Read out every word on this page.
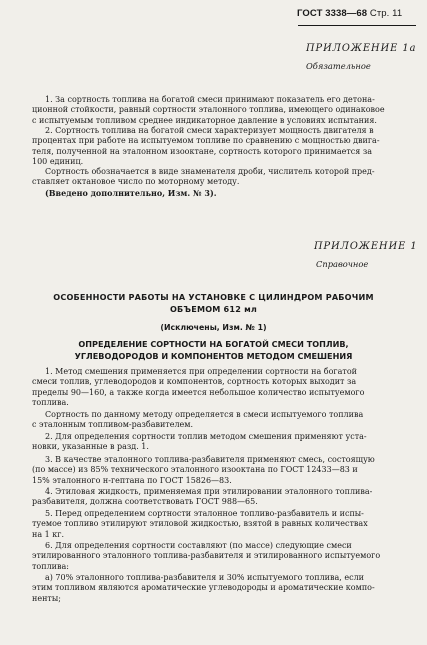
ГОСТ 3338—68 Стр. 11
ПРИЛОЖЕНИЕ 1а
Обязательное
1. За сортность топлива на богатой смеси принимают показатель его детона-
ционной стойкости, равный сортности эталонного топлива, имеющего одинаковое
с испытуемым топливом среднее индикаторное давление в условиях испытания.
2. Сортность топлива на богатой смеси характеризует мощность двигателя в
процентах при работе на испытуемом топливе по сравнению с мощностью двига-
теля, полученной на эталонном изооктане, сортность которого принимается за
100 единиц.
Сортность обозначается в виде знаменателя дроби, числитель которой пред-
ставляет октановое число по моторному методу.
(Введено дополнительно, Изм. № 3).
ПРИЛОЖЕНИЕ 1
Справочное
ОСОБЕННОСТИ РАБОТЫ НА УСТАНОВКЕ С ЦИЛИНДРОМ РАБОЧИМ
ОБЪЕМОМ 612 мл
(Исключены, Изм. № 1)
ОПРЕДЕЛЕНИЕ СОРТНОСТИ НА БОГАТОЙ СМЕСИ ТОПЛИВ,
УГЛЕВОДОРОДОВ И КОМПОНЕНТОВ МЕТОДОМ СМЕШЕНИЯ
1. Метод смешения применяется при определении сортности на богатой
смеси топлив, углеводородов и компонентов, сортность которых выходит за
пределы 90—160, а также когда имеется небольшое количество испытуемого
топлива.
Сортность по данному методу определяется в смеси испытуемого топлива
с эталонным топливом-разбавителем.
2. Для определения сортности топлив методом смешения применяют уста-
новки, указанные в разд. 1.
3. В качестве эталонного топлива-разбавителя применяют смесь, состоящую
(по массе) из 85% технического эталонного изооктана по ГОСТ 12433—83 и
15% эталонного н-гептана по ГОСТ 15826—83.
4. Этиловая жидкость, применяемая при этилировании эталонного топлива-
разбавителя, должна соответствовать ГОСТ 988—65.
5. Перед определением сортности эталонное топливо-разбавитель и испы-
туемое топливо этилируют этиловой жидкостью, взятой в равных количествах
на 1 кг.
6. Для определения сортности составляют (по массе) следующие смеси
этилированного эталонного топлива-разбавителя и этилированного испытуемого
топлива:
а) 70% эталонного топлива-разбавителя и 30% испытуемого топлива, если
этим топливом являются ароматические углеводороды и ароматические компо-
ненты;
